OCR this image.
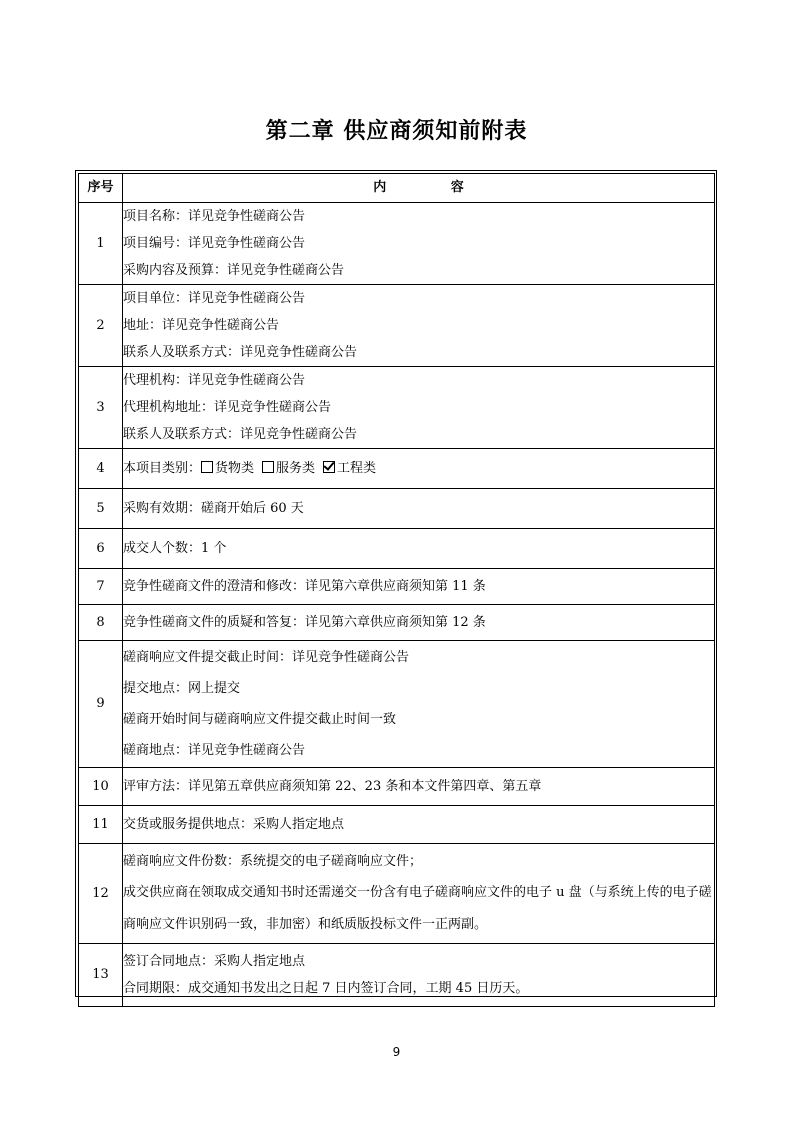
第二章 供应商须知前附表
序号	内 容
1	项目名称：详见竞争性磋商公告
项目编号：详见竞争性磋商公告
采购内容及预算：详见竞争性磋商公告

2	项目单位：详见竞争性磋商公告
地址：详见竞争性磋商公告
联系人及联系方式：详见竞争性磋商公告

3	代理机构：详见竞争性磋商公告
代理机构地址：详见竞争性磋商公告
联系人及联系方式：详见竞争性磋商公告

4	本项目类别： 货物类 服务类 工程类

5	采购有效期：磋商开始后 60 天

6	成交人个数：1 个

7	竞争性磋商文件的澄清和修改：详见第六章供应商须知第 11 条

8	竞争性磋商文件的质疑和答复：详见第六章供应商须知第 12 条

9	磋商响应文件提交截止时间：详见竞争性磋商公告
提交地点：网上提交
磋商开始时间与磋商响应文件提交截止时间一致
磋商地点：详见竞争性磋商公告

10	评审方法：详见第五章供应商须知第 22、23 条和本文件第四章、第五章

11	交货或服务提供地点：采购人指定地点

12	磋商响应文件份数：系统提交的电子磋商响应文件；
成交供应商在领取成交通知书时还需递交一份含有电子磋商响应文件的电子 u 盘（与系统上传的电子磋商响应文件识别码一致，非加密）和纸质版投标文件一正两副。

13	签订合同地点：采购人指定地点
合同期限：成交通知书发出之日起 7 日内签订合同，工期 45 日历天。
9
